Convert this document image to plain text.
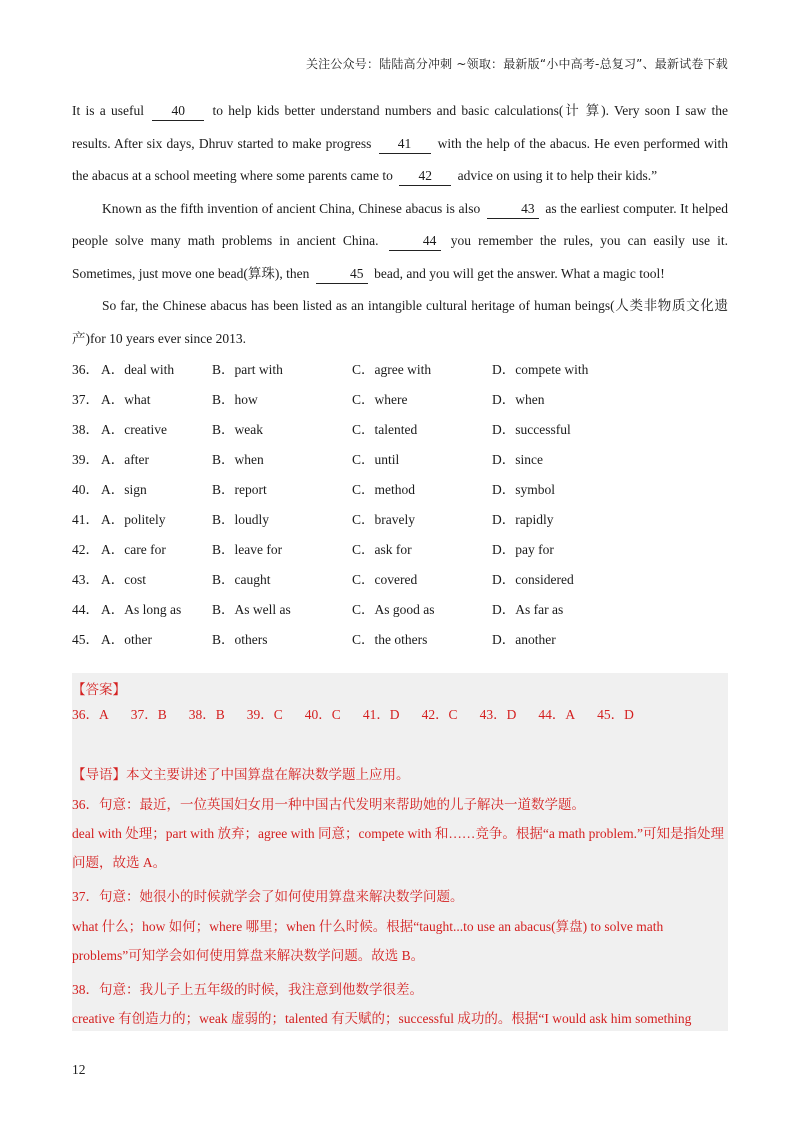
关注公众号：陆陆高分冲刺 ~领取：最新版“小中高考-总复习”、最新试卷下载

It is a useful 40 to help kids better understand numbers and basic calculations(计 算). Very soon I saw the results. After six days, Dhruv started to make progress 41 with the help of the abacus. He even performed with the abacus at a school meeting where some parents came to 42 advice on using it to help their kids.”

Known as the fifth invention of ancient China, Chinese abacus is also	43 as the earliest computer. It helped people solve many math problems in ancient China.	44 you remember the rules, you can easily use it. Sometimes, just move one bead(算珠), then	45 bead, and you will get the answer. What a magic tool!

So far, the Chinese abacus has been listed as an intangible cultural heritage of human beings(人类非物质文化遗产)for 10 years ever since 2013.

36． A．deal with	B．part with	C．agree with	D．compete with
37． A．what	B．how	C．where	D．when
38． A．creative	B．weak	C．talented	D．successful
39． A．after	B．when	C．until	D．since
40． A．sign	B．report	C．method	D．symbol
41． A．politely	B．loudly	C．bravely	D．rapidly
42． A．care for	B．leave for	C．ask for	D．pay for
43． A．cost	B．caught	C．covered	D．considered
44． A．As long as	B．As well as	C．As good as	D．As far as
45． A．other	B．others	C．the others	D．another
【答案】
36．A 37．B 38．B 39．C 40．C 41．D 42．C 43．D 44．A 45．D
【导语】本文主要讲述了中国算盘在解决数学题上应用。
36．句意：最近，一位英国妇女用一种中国古代发明来帮助她的儿子解决一道数学题。
deal with 处理；part with 放弃；agree with 同意；compete with 和……竞争。根据“a math problem.”可知是指处理问题，故选 A。
37．句意：她很小的时候就学会了如何使用算盘来解决数学问题。
what 什么；how 如何；where 哪里；when 什么时候。根据“taught...to use an abacus(算盘) to solve math problems”可知学会如何使用算盘来解决数学问题。故选 B。
38．句意：我儿子上五年级的时候，我注意到他数学很差。
creative 有创造力的；weak 虚弱的；talented 有天赋的；successful 成功的。根据“I would ask him something
12
